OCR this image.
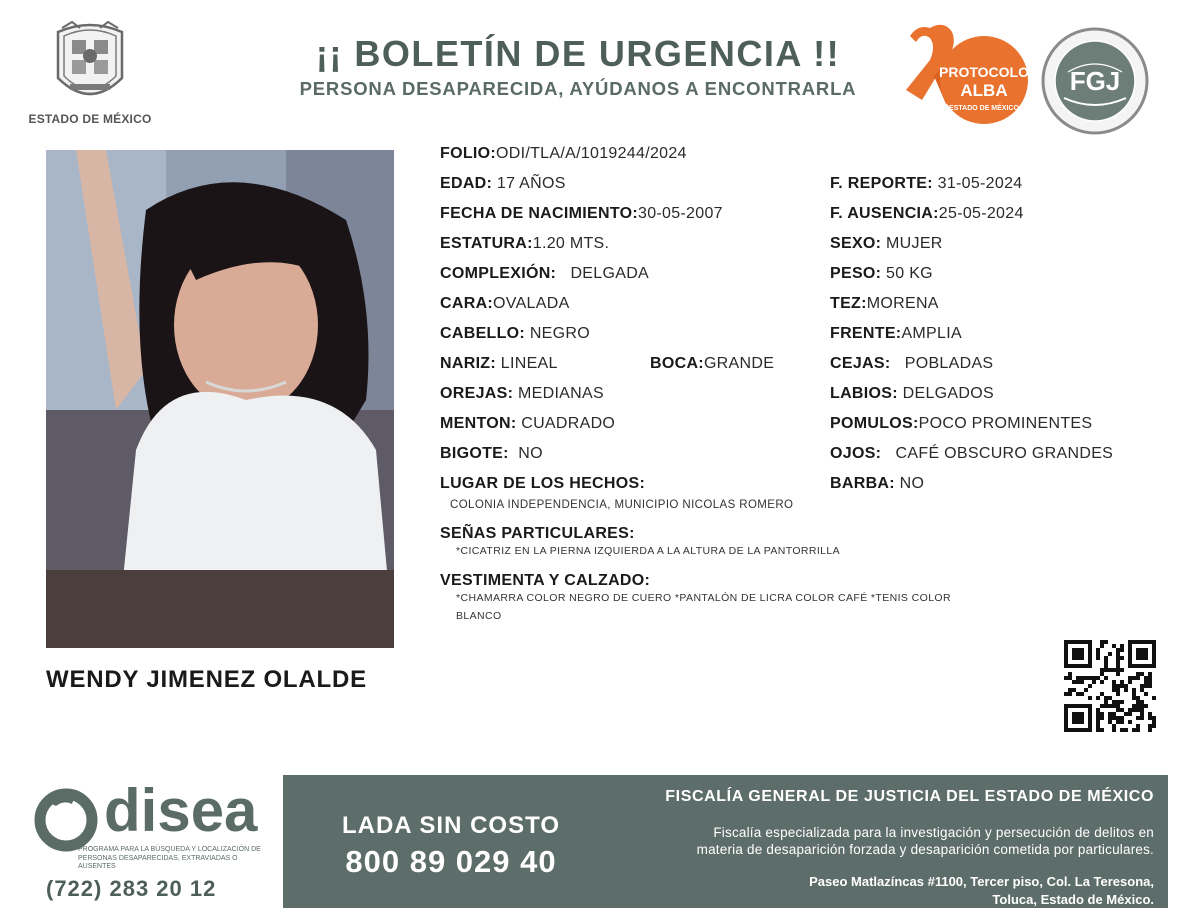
ESTADO DE MÉXICO
¡¡ BOLETÍN DE URGENCIA !!
PERSONA DESAPARECIDA, AYÚDANOS A ENCONTRARLA
PROTOCOLO
ALBA
ESTADO DE MÉXICO
FGJ
WENDY JIMENEZ OLALDE
FOLIO:ODI/TLA/A/1019244/2024
EDAD: 17 AÑOS	F. REPORTE: 31-05-2024
FECHA DE NACIMIENTO:30-05-2007	F. AUSENCIA:25-05-2024
ESTATURA:1.20 MTS.	SEXO: MUJER
COMPLEXIÓN: DELGADA	PESO: 50 KG
CARA:OVALADA	TEZ:MORENA
CABELLO: NEGRO	FRENTE:AMPLIA
NARIZ: LINEAL	BOCA:GRANDE	CEJAS: POBLADAS
OREJAS: MEDIANAS	LABIOS: DELGADOS
MENTON: CUADRADO	POMULOS:POCO PROMINENTES
BIGOTE: NO	OJOS: CAFÉ OBSCURO GRANDES
LUGAR DE LOS HECHOS:	BARBA: NO
COLONIA INDEPENDENCIA, MUNICIPIO NICOLAS ROMERO
SEÑAS PARTICULARES:
*CICATRIZ EN LA PIERNA IZQUIERDA A LA ALTURA DE LA PANTORRILLA
VESTIMENTA Y CALZADO:
*CHAMARRA COLOR NEGRO DE CUERO *PANTALÓN DE LICRA COLOR CAFÉ *TENIS COLOR
BLANCO
disea
PROGRAMA PARA LA BÚSQUEDA Y LOCALIZACIÓN DE PERSONAS DESAPARECIDAS, EXTRAVIADAS O AUSENTES
(722) 283 20 12
LADA SIN COSTO
800 89 029 40
FISCALÍA GENERAL DE JUSTICIA DEL ESTADO DE MÉXICO
Fiscalía especializada para la investigación y persecución de delitos en
materia de desaparición forzada y desaparición cometida por particulares.
Paseo Matlazíncas #1100, Tercer piso, Col. La Teresona,
Toluca, Estado de México.
